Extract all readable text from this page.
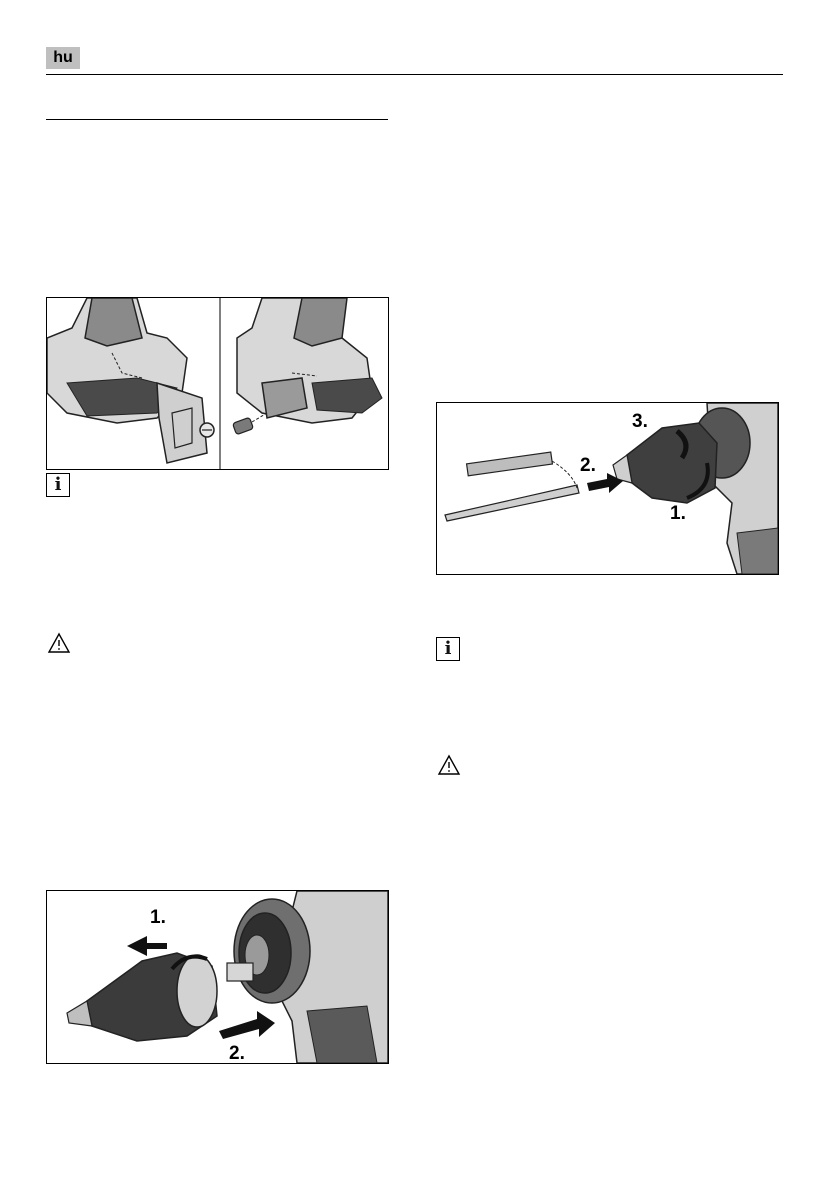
hu
i
1.
2.
3.
2.
1.
i
